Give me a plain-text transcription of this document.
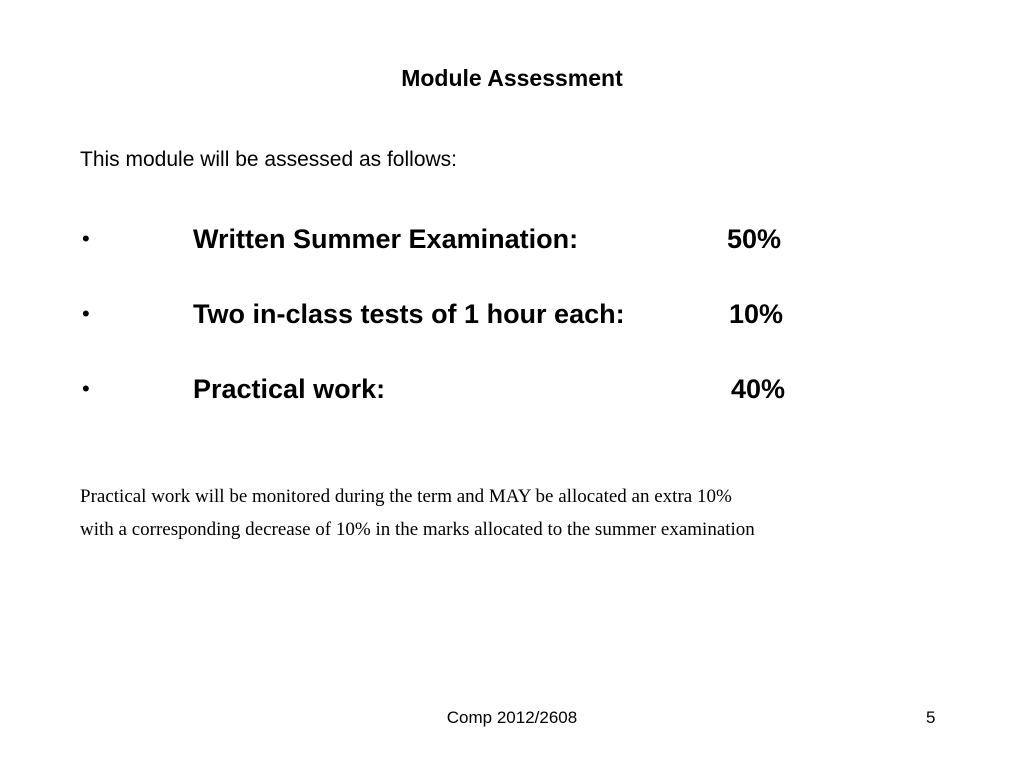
Module Assessment
This module will be assessed as follows:
•	Written Summer Examination:	50%
•	Two in-class tests of 1 hour each:	10%
•	Practical work:	40%
Practical work will be monitored during the term and MAY be allocated an extra 10%
with a corresponding decrease of 10% in the marks allocated to the summer examination
Comp 2012/2608	5
